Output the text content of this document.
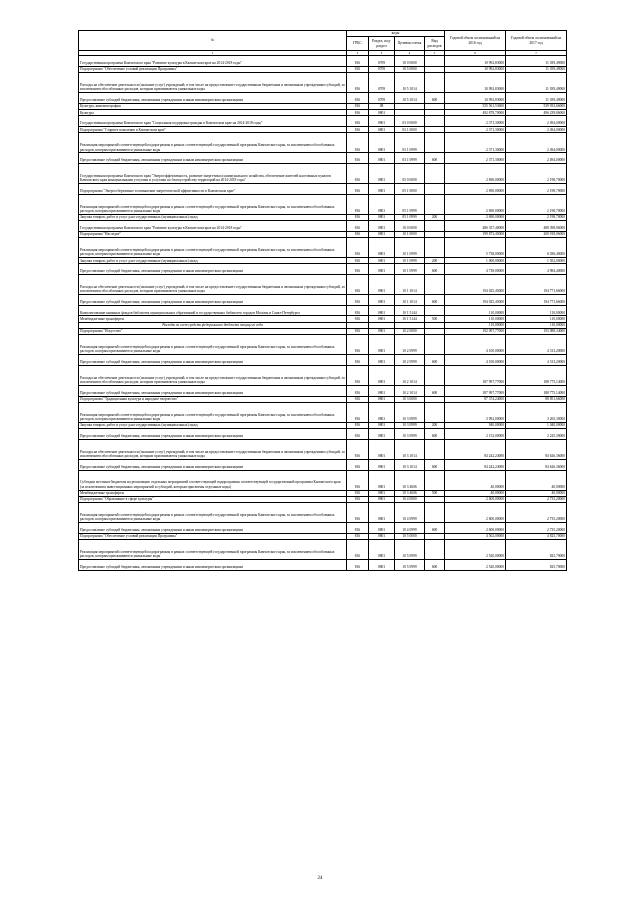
№	коды				Годовой объем ассигнований на 2016 год	Годовой объем ассигнований на 2017 год
	ГРБС	Раздел, под-раздел	Целевая статья	Вид расходов		
1	2	3	4	5	6	7
Государственная программа Камчатского края "Развитие культуры в Камчатском крае на 2014-2018 годы"	816	0709	10 0 0000		10 992,83000	11 039,49000
Подпрограмма "Обеспечение условий реализации Программы"	816	0709	10 5 0000		10 992,83000	11 039,49000
Расходы на обеспечение деятельности (оказание услуг) учреждений, в том числе на предоставление государственным бюджетным и автономным учреждениям субсидий, за исключением обособленных расходов, которым присваиваются уникальные коды	816	0709	10 5 1014		10 992,83000	11 039,49000
Предоставление субсидий бюджетным, автономным учреждениям и иным некоммерческим организациям	816	0709	10 5 1014	600	10 992,83000	11 039,49000
Культура, кинематография	816	08			535 561,53600	539 933,66000
Культура	816	0801			492 878,70000	496 239,86000
Государственная программа Камчатского края "Социальная поддержка граждан в Камчатском крае на 2014-2018 годы"	816	0801	03 0 0000		2 371,30000	2 494,00000
Подпрограмма "Старшее поколение в Камчатском крае"	816	0801	03 1 0000		2 371,30000	2 494,00000
Реализация мероприятий соответствующей подпрограммы в рамках соответствующей государственной программы Камчатского края, за исключением обособленных расходов, которым присваиваются уникальные коды	816	0801	03 1 0999		2 371,30000	2 494,00000
Предоставление субсидий бюджетным, автономным учреждениям и иным некоммерческим организациям	816	0801	03 1 0999	600	2 371,30000	2 494,00000
Государственная программа Камчатского края "Энергоэффективность, развитие энергетики и коммунального хозяйства, обеспечение жителей населенных пунктов Камчатского края коммунальными услугами и услугами по благоустройству территорий на 2014-2018 годы"	816	0801	05 0 0000		2 690,00000	2 198,70000
Подпрограмма "Энергосбережение и повышение энергетической эффективности в Камчатском крае"	816	0801	05 1 0000		2 690,00000	2 198,70000
Реализация мероприятий соответствующей подпрограммы в рамках соответствующей государственной программы Камчатского края, за исключением обособленных расходов, которым присваиваются уникальные коды	816	0801	05 1 0999		2 690,00000	2 198,70000
Закупка товаров, работ и услуг для государственных (муниципальных) нужд	816	0801	05 1 0999	200	2 690,00000	2 198,70000
Государственная программа Камчатского края "Развитие культуры в Камчатском крае на 2014-2018 годы"	816	0801	10 0 0000		486 357,40000	488 398,96000
Подпрограмма "Наследие"	816	0801	10 1 0000		199 873,45000	200 918,06000
Реализация мероприятий соответствующей подпрограммы в рамках соответствующей государственной программы Камчатского края, за исключением обособленных расходов, которым присваиваются уникальные коды	816	0801	10 1 0999		5 738,00000	6 036,40000
Закупка товаров, работ и услуг для государственных (муниципальных) нужд	816	0801	10 1 0999	200	1 000,00000	1 052,00000
Предоставление субсидий бюджетным, автономным учреждениям и иным некоммерческим организациям	816	0801	10 1 0999	600	4 738,00000	4 984,40000
Расходы на обеспечение деятельности (оказание услуг) учреждений, в том числе на предоставление государственным бюджетным и автономным учреждениям субсидий, за исключением обособленных расходов, которым присваиваются уникальные коды	816	0801	10 1 1014		194 025,45000	194 771,66000
Предоставление субсидий бюджетным, автономным учреждениям и иным некоммерческим организациям	816	0801	10 1 1014	600	194 025,45000	194 771,66000
Комплектование книжных фондов библиотек муниципальных образований и государственных библиотек городов Москвы и Санкт-Петербурга	816	0801	10 1 5144		110,00000	110,00000
Межбюджетные трансферты	816	0801	10 1 5144	500	110,00000	110,00000
Расходы за счет средств федерального бюджета текущего года					110,00000	110,00000
Подпрограмма "Искусство"	816	0801	10 2 0000		192 097,77000	193 088,34000
Реализация мероприятий соответствующей подпрограммы в рамках соответствующей государственной программы Камчатского края, за исключением обособленных расходов, которым присваиваются уникальные коды	816	0801	10 2 0999		4 100,00000	4 313,20000
Предоставление субсидий бюджетным, автономным учреждениям и иным некоммерческим организациям	816	0801	10 2 0999	600	4 100,00000	4 313,20000
Расходы на обеспечение деятельности (оказание услуг) учреждений, в том числе на предоставление государственным бюджетным и автономным учреждениям субсидий, за исключением обособленных расходов, которым присваиваются уникальные коды	816	0801	10 2 1014		187 997,77000	188 775,14000
Предоставление субсидий бюджетным, автономным учреждениям и иным некоммерческим организациям	816	0801	10 2 1014	600	187 997,77000	188 775,14000
Подпрограмма "Традиционная культура и народное творчество"	816	0801	10 3 0000		87 374,24000	88 851,66000
Реализация мероприятий соответствующей подпрограммы в рамках соответствующей государственной программы Камчатского края, за исключением обособленных расходов, которым присваиваются уникальные коды	816	0801	10 3 0999		3 092,00000	3 265,30000
Закупка товаров, работ и услуг для государственных (муниципальных) нужд	816	0801	10 3 0999	200	940,00000	1 040,00000
Предоставление субсидий бюджетным, автономным учреждениям и иным некоммерческим организациям	816	0801	10 3 0999	600	2 152,00000	2 225,30000
Расходы на обеспечение деятельности (оказание услуг) учреждений, в том числе на предоставление государственным бюджетным и автономным учреждениям субсидий, за исключением обособленных расходов, которым присваиваются уникальные коды	816	0801	10 3 1014		84 242,24000	84 626,36000
Предоставление субсидий бюджетным, автономным учреждениям и иным некоммерческим организациям	816	0801	10 3 1014	600	84 242,24000	84 626,36000
Субсидии местным бюджетам на реализацию отдельных мероприятий соответствующей подпрограммы соответствующей государственной программы Камчатского края (за исключением инвестиционных мероприятий и субсидий, которым присвоены отдельные коды)	816	0801	10 3 4606		40,00000	40,00000
Межбюджетные трансферты	816	0801	10 3 4606	500	40,00000	40,00000
Подпрограмма "Образование в сфере культуры"	816	0801	10 4 0000		2 600,00000	2 735,20000
Реализация мероприятий соответствующей подпрограммы в рамках соответствующей государственной программы Камчатского края, за исключением обособленных расходов, которым присваиваются уникальные коды	816	0801	10 4 0999		2 600,00000	2 735,20000
Предоставление субсидий бюджетным, автономным учреждениям и иным некоммерческим организациям	816	0801	10 4 0999	600	2 600,00000	2 735,20000
Подпрограмма "Обеспечение условий реализации Программы"	816	0801	10 5 0000		4 502,00000	4 825,70000
Реализация мероприятий соответствующей подпрограммы в рамках соответствующей государственной программы Камчатского края, за исключением обособленных расходов, которым присваиваются уникальные коды	816	0801	10 5 0999		2 520,00000	825,70000
Предоставление субсидий бюджетным, автономным учреждениям и иным некоммерческим организациям	816	0801	10 5 0999	600	2 520,00000	825,70000
24
